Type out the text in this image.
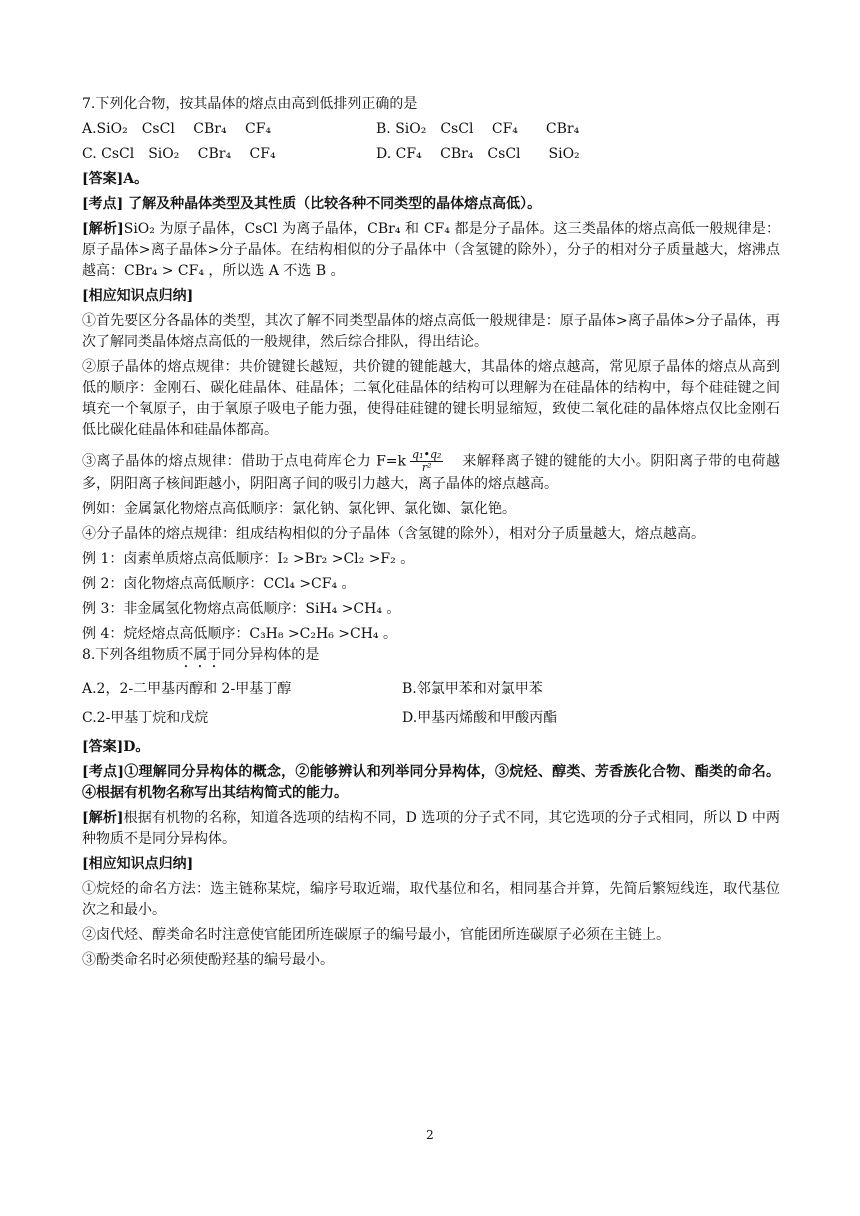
7.下列化合物，按其晶体的熔点由高到低排列正确的是

A.SiO₂　CsCl　 CBr₄　 CF₄	B. SiO₂　CsCl　 CF₄　　CBr₄
C. CsCl　SiO₂　 CBr₄　 CF₄	D. CF₄　 CBr₄　CsCl　　SiO₂

[答案]A。

[考点] 了解及种晶体类型及其性质（比较各种不同类型的晶体熔点高低）。

[解析]SiO₂ 为原子晶体，CsCl 为离子晶体，CBr₄ 和 CF₄ 都是分子晶体。这三类晶体的熔点高低一般规律是：原子晶体>离子晶体>分子晶体。在结构相似的分子晶体中（含氢键的除外），分子的相对分子质量越大，熔沸点越高：CBr₄ > CF₄ ，所以选 A 不选 B 。

[相应知识点归纳]

①首先要区分各晶体的类型，其次了解不同类型晶体的熔点高低一般规律是：原子晶体>离子晶体>分子晶体，再次了解同类晶体熔点高低的一般规律，然后综合排队，得出结论。

②原子晶体的熔点规律：共价键键长越短，共价键的键能越大，其晶体的熔点越高，常见原子晶体的熔点从高到低的顺序：金刚石、碳化硅晶体、硅晶体；二氧化硅晶体的结构可以理解为在硅晶体的结构中，每个硅硅键之间填充一个氧原子，由于氧原子吸电子能力强，使得硅硅键的键长明显缩短，致使二氧化硅的晶体熔点仅比金刚石低比碳化硅晶体和硅晶体都高。

③离子晶体的熔点规律：借助于点电荷库仑力 $F=k \frac{\text{q₁•q₂}}{\text{r²}}$ 　来解释离子键的键能的大小。阴阳离子带的电荷越多，阴阳离子核间距越小，阴阳离子间的吸引力越大，离子晶体的熔点越高。

例如：金属氯化物熔点高低顺序：氯化钠、氯化钾、氯化铷、氯化铯。

④分子晶体的熔点规律：组成结构相似的分子晶体（含氢键的除外），相对分子质量越大，熔点越高。

例 1：卤素单质熔点高低顺序：I₂ >Br₂ >Cl₂ >F₂ 。

例 2：卤化物熔点高低顺序：CCl₄ >CF₄ 。

例 3：非金属氢化物熔点高低顺序：SiH₄ >CH₄ 。

例 4：烷烃熔点高低顺序：C₃H₈ >C₂H₆ >CH₄ 。

8.下列各组物质不属于同分异构体的是

A.2，2-二甲基丙醇和 2-甲基丁醇	B.邻氯甲苯和对氯甲苯
C.2-甲基丁烷和戊烷	D.甲基丙烯酸和甲酸丙酯

[答案]D。

[考点]①理解同分异构体的概念，②能够辨认和列举同分异构体，③烷烃、醇类、芳香族化合物、酯类的命名。④根据有机物名称写出其结构简式的能力。

[解析]根据有机物的名称，知道各选项的结构不同，D 选项的分子式不同，其它选项的分子式相同，所以 D 中两种物质不是同分异构体。

[相应知识点归纳]

①烷烃的命名方法：选主链称某烷，编序号取近端，取代基位和名，相同基合并算，先简后繁短线连，取代基位次之和最小。

②卤代烃、醇类命名时注意使官能团所连碳原子的编号最小，官能团所连碳原子必须在主链上。

③酚类命名时必须使酚羟基的编号最小。

2
